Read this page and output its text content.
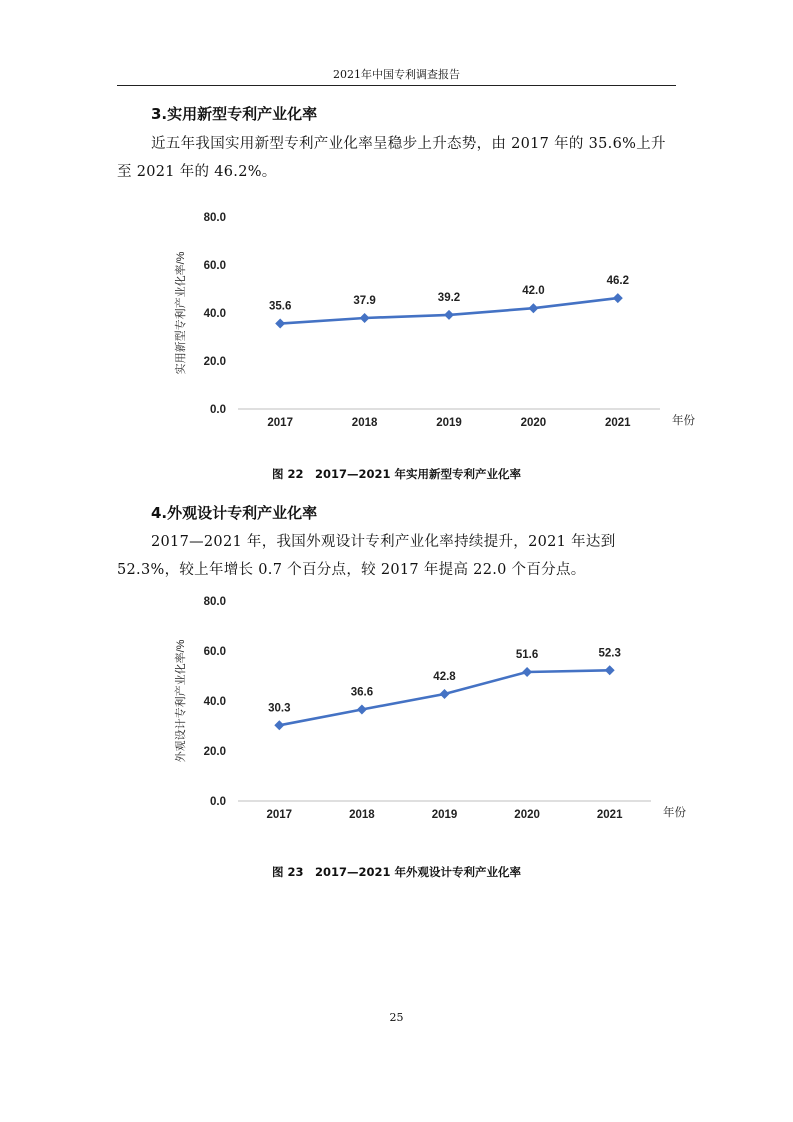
2021年中国专利调查报告
3.实用新型专利产业化率

近五年我国实用新型专利产业化率呈稳步上升态势，由 2017 年的 35.6%上升至 2021 年的 46.2%。

0.0
20.0
40.0
60.0
80.0
2017	2018	2019	2020	2021	年份
实用新型专利产业化率/%	35.6	37.9	39.2
42.0
46.2
图 22　2017—2021 年实用新型专利产业化率
4.外观设计专利产业化率

2017—2021 年，我国外观设计专利产业化率持续提升，2021 年达到 52.3%，较上年增长 0.7 个百分点，较 2017 年提高 22.0 个百分点。

0.0
20.0
40.0
60.0
80.0
2017	2018	2019	2020	2021	年份
外观设计专利产业化率/%	30.3
36.6
42.8
51.6	52.3
图 23　2017—2021 年外观设计专利产业化率
25
